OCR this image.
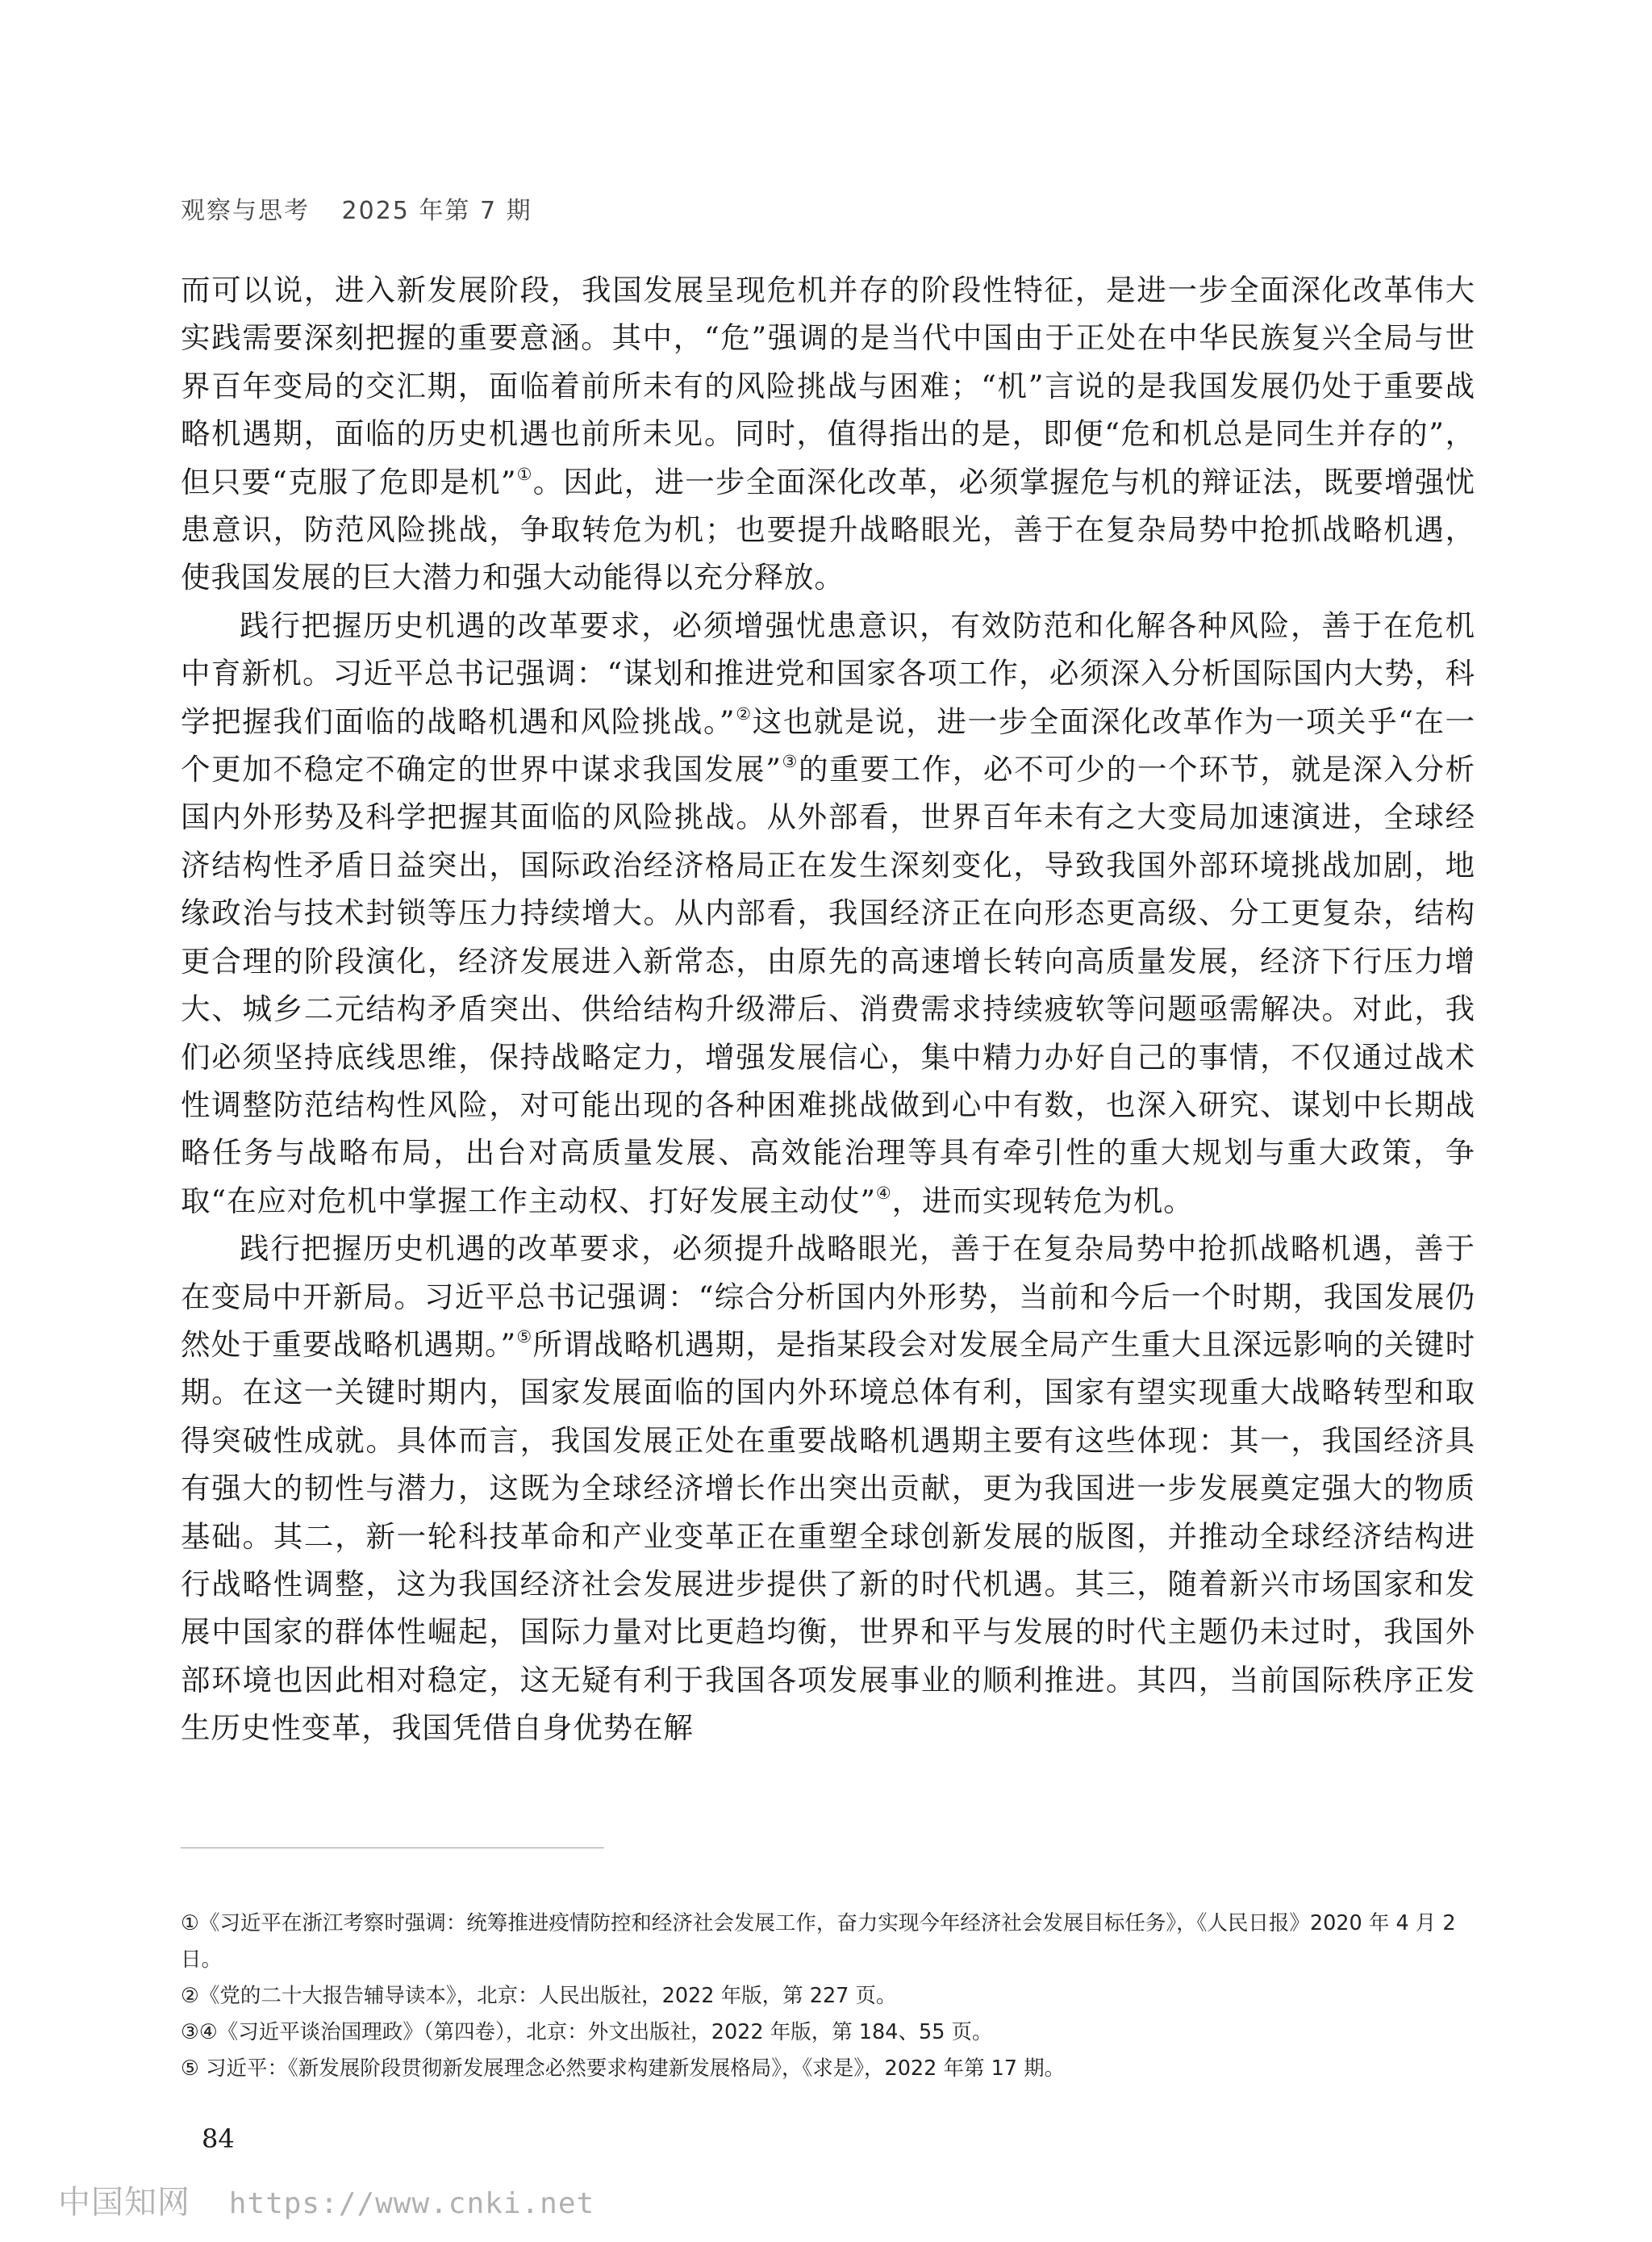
观察与思考 2025 年第 7 期

而可以说，进入新发展阶段，我国发展呈现危机并存的阶段性特征，是进一步全面深化改革伟大实践需要深刻把握的重要意涵。其中，“危”强调的是当代中国由于正处在中华民族复兴全局与世界百年变局的交汇期，面临着前所未有的风险挑战与困难；“机”言说的是我国发展仍处于重要战略机遇期，面临的历史机遇也前所未见。同时，值得指出的是，即便“危和机总是同生并存的”，但只要“克服了危即是机”①。因此，进一步全面深化改革，必须掌握危与机的辩证法，既要增强忧患意识，防范风险挑战，争取转危为机；也要提升战略眼光，善于在复杂局势中抢抓战略机遇，使我国发展的巨大潜力和强大动能得以充分释放。

践行把握历史机遇的改革要求，必须增强忧患意识，有效防范和化解各种风险，善于在危机中育新机。习近平总书记强调：“谋划和推进党和国家各项工作，必须深入分析国际国内大势，科学把握我们面临的战略机遇和风险挑战。”②这也就是说，进一步全面深化改革作为一项关乎“在一个更加不稳定不确定的世界中谋求我国发展”③的重要工作，必不可少的一个环节，就是深入分析国内外形势及科学把握其面临的风险挑战。从外部看，世界百年未有之大变局加速演进，全球经济结构性矛盾日益突出，国际政治经济格局正在发生深刻变化，导致我国外部环境挑战加剧，地缘政治与技术封锁等压力持续增大。从内部看，我国经济正在向形态更高级、分工更复杂，结构更合理的阶段演化，经济发展进入新常态，由原先的高速增长转向高质量发展，经济下行压力增大、城乡二元结构矛盾突出、供给结构升级滞后、消费需求持续疲软等问题亟需解决。对此，我们必须坚持底线思维，保持战略定力，增强发展信心，集中精力办好自己的事情，不仅通过战术性调整防范结构性风险，对可能出现的各种困难挑战做到心中有数，也深入研究、谋划中长期战略任务与战略布局，出台对高质量发展、高效能治理等具有牵引性的重大规划与重大政策，争取“在应对危机中掌握工作主动权、打好发展主动仗”④，进而实现转危为机。

践行把握历史机遇的改革要求，必须提升战略眼光，善于在复杂局势中抢抓战略机遇，善于在变局中开新局。习近平总书记强调：“综合分析国内外形势，当前和今后一个时期，我国发展仍然处于重要战略机遇期。”⑤所谓战略机遇期，是指某段会对发展全局产生重大且深远影响的关键时期。在这一关键时期内，国家发展面临的国内外环境总体有利，国家有望实现重大战略转型和取得突破性成就。具体而言，我国发展正处在重要战略机遇期主要有这些体现：其一，我国经济具有强大的韧性与潜力，这既为全球经济增长作出突出贡献，更为我国进一步发展奠定强大的物质基础。其二，新一轮科技革命和产业变革正在重塑全球创新发展的版图，并推动全球经济结构进行战略性调整，这为我国经济社会发展进步提供了新的时代机遇。其三，随着新兴市场国家和发展中国家的群体性崛起，国际力量对比更趋均衡，世界和平与发展的时代主题仍未过时，我国外部环境也因此相对稳定，这无疑有利于我国各项发展事业的顺利推进。其四，当前国际秩序正发生历史性变革，我国凭借自身优势在解

①《习近平在浙江考察时强调：统筹推进疫情防控和经济社会发展工作，奋力实现今年经济社会发展目标任务》，《人民日报》2020 年 4 月 2 日。

②《党的二十大报告辅导读本》，北京：人民出版社，2022 年版，第 227 页。

③④《习近平谈治国理政》（第四卷），北京：外文出版社，2022 年版，第 184、55 页。

⑤ 习近平：《新发展阶段贯彻新发展理念必然要求构建新发展格局》，《求是》，2022 年第 17 期。

84
中国知网 https://www.cnki.net
